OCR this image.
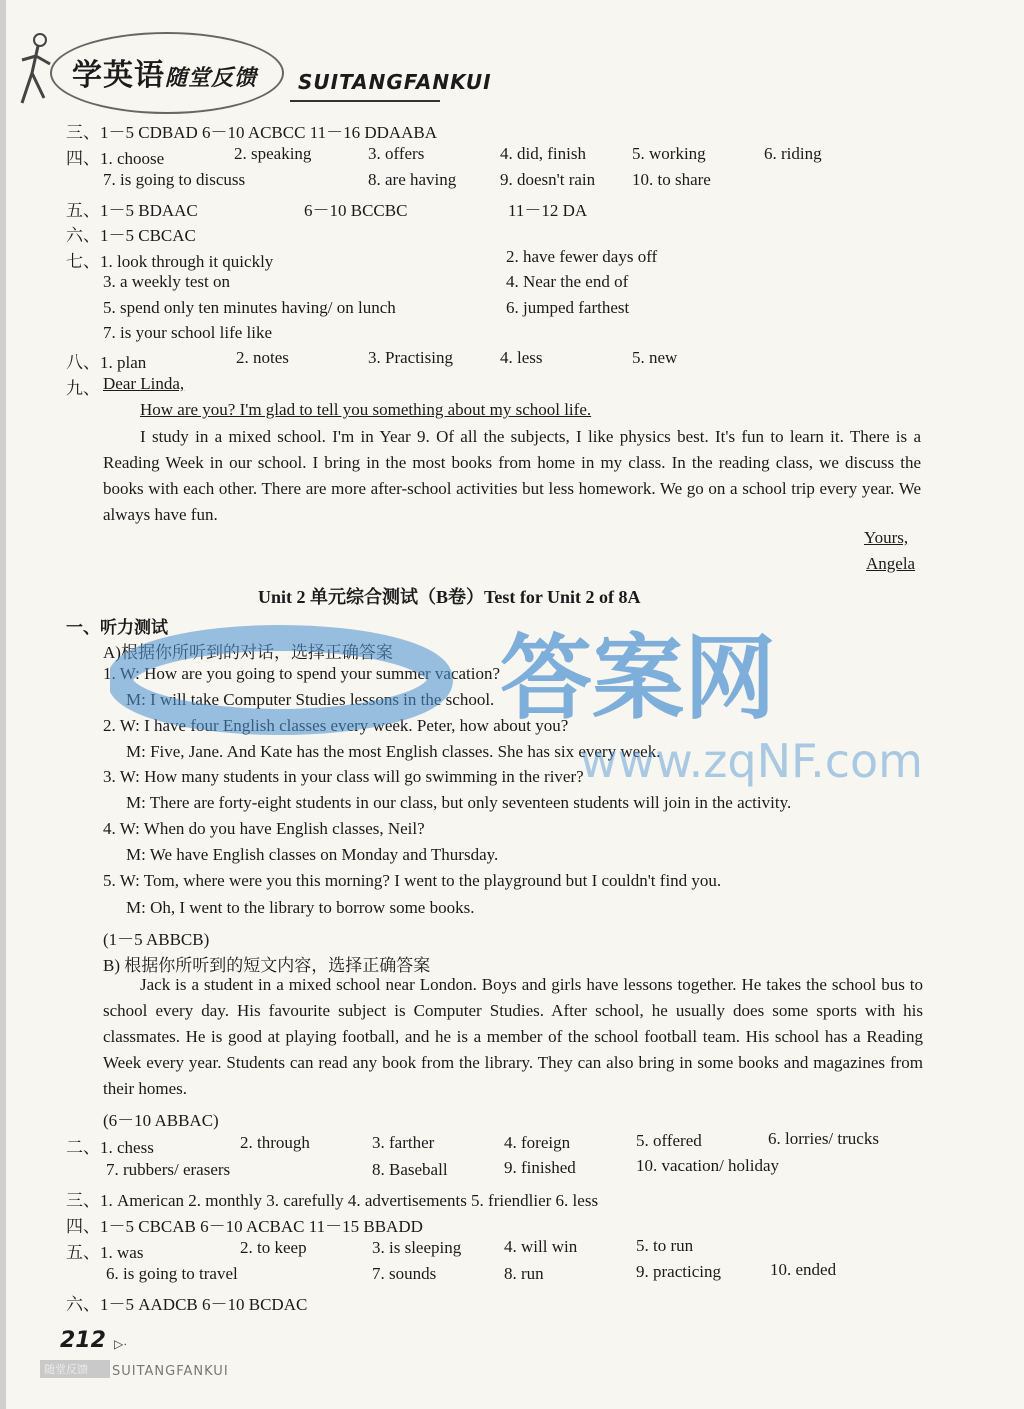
学英语随堂反馈 SUITANGFANKUI
三、1－5 CDBAD 6－10 ACBCC 11－16 DDAABA
四、1. choose	2. speaking	3. offers	4. did, finish	5. working	6. riding
7. is going to discuss	8. are having	9. doesn't rain 10. to share
五、1－5 BDAAC	6－10 BCCBC	11－12 DA
六、1－5 CBCAC
七、1. look through it quickly	2. have fewer days off
3. a weekly test on	4. Near the end of
5. spend only ten minutes having/ on lunch	6. jumped farthest
7. is your school life like
八、1. plan	2. notes	3. Practising	4. less	5. new
九、 Dear Linda,
How are you? I'm glad to tell you something about my school life.
I study in a mixed school. I'm in Year 9. Of all the subjects, I like physics best. It's fun to learn it. There is a Reading Week in our school. I bring in the most books from home in my class. In the reading class, we discuss the books with each other. There are more after-school activities but less homework. We go on a school trip every year. We always have fun.
Yours,
Angela
Unit 2 单元综合测试（B卷）Test for Unit 2 of 8A
一、听力测试
A)根据你所听到的对话，选择正确答案
1. W: How are you going to spend your summer vacation?
M: I will take Computer Studies lessons in the school.
2. W: I have four English classes every week. Peter, how about you?
M: Five, Jane. And Kate has the most English classes. She has six every week.
3. W: How many students in your class will go swimming in the river?
M: There are forty-eight students in our class, but only seventeen students will join in the activity.
4. W: When do you have English classes, Neil?
M: We have English classes on Monday and Thursday.
5. W: Tom, where were you this morning? I went to the playground but I couldn't find you.
M: Oh, I went to the library to borrow some books.
(1－5 ABBCB)
B) 根据你所听到的短文内容，选择正确答案
Jack is a student in a mixed school near London. Boys and girls have lessons together. He takes the school bus to school every day. His favourite subject is Computer Studies. After school, he usually does some sports with his classmates. He is good at playing football, and he is a member of the school football team. His school has a Reading Week every year. Students can read any book from the library. They can also bring in some books and magazines from their homes.
(6－10 ABBAC)
二、1. chess	2. through	3. farther	4. foreign	5. offered	6. lorries/ trucks
7. rubbers/ erasers	8. Baseball	9. finished	10. vacation/ holiday
三、1. American 2. monthly 3. carefully 4. advertisements 5. friendlier 6. less
四、1－5 CBCAB 6－10 ACBAC 11－15 BBADD
五、1. was	2. to keep	3. is sleeping	4. will win	5. to run
6. is going to travel	7. sounds	8. run	9. practicing	10. ended
六、1－5 AADCB 6－10 BCDAC
答案网
www.zqNF.com
212 ▷·
随堂反馈	SUITANGFANKUI
